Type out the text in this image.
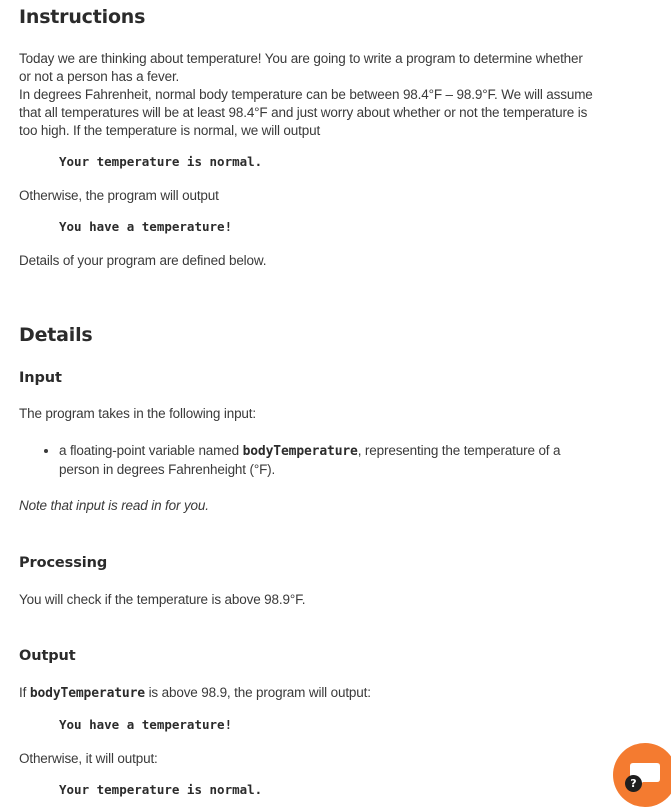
Instructions

Today we are thinking about temperature! You are going to write a program to determine whether
or not a person has a fever.
In degrees Fahrenheit, normal body temperature can be between 98.4°F – 98.9°F. We will assume
that all temperatures will be at least 98.4°F and just worry about whether or not the temperature is
too high. If the temperature is normal, we will output

Your temperature is normal.

Otherwise, the program will output

You have a temperature!

Details of your program are defined below.

Details
Input

The program takes in the following input:

• a floating-point variable named bodyTemperature, representing the temperature of a
person in degrees Fahrenheight (°F).

Note that input is read in for you.

Processing

You will check if the temperature is above 98.9°F.

Output

If bodyTemperature is above 98.9, the program will output:

You have a temperature!

Otherwise, it will output:

Your temperature is normal.	?
